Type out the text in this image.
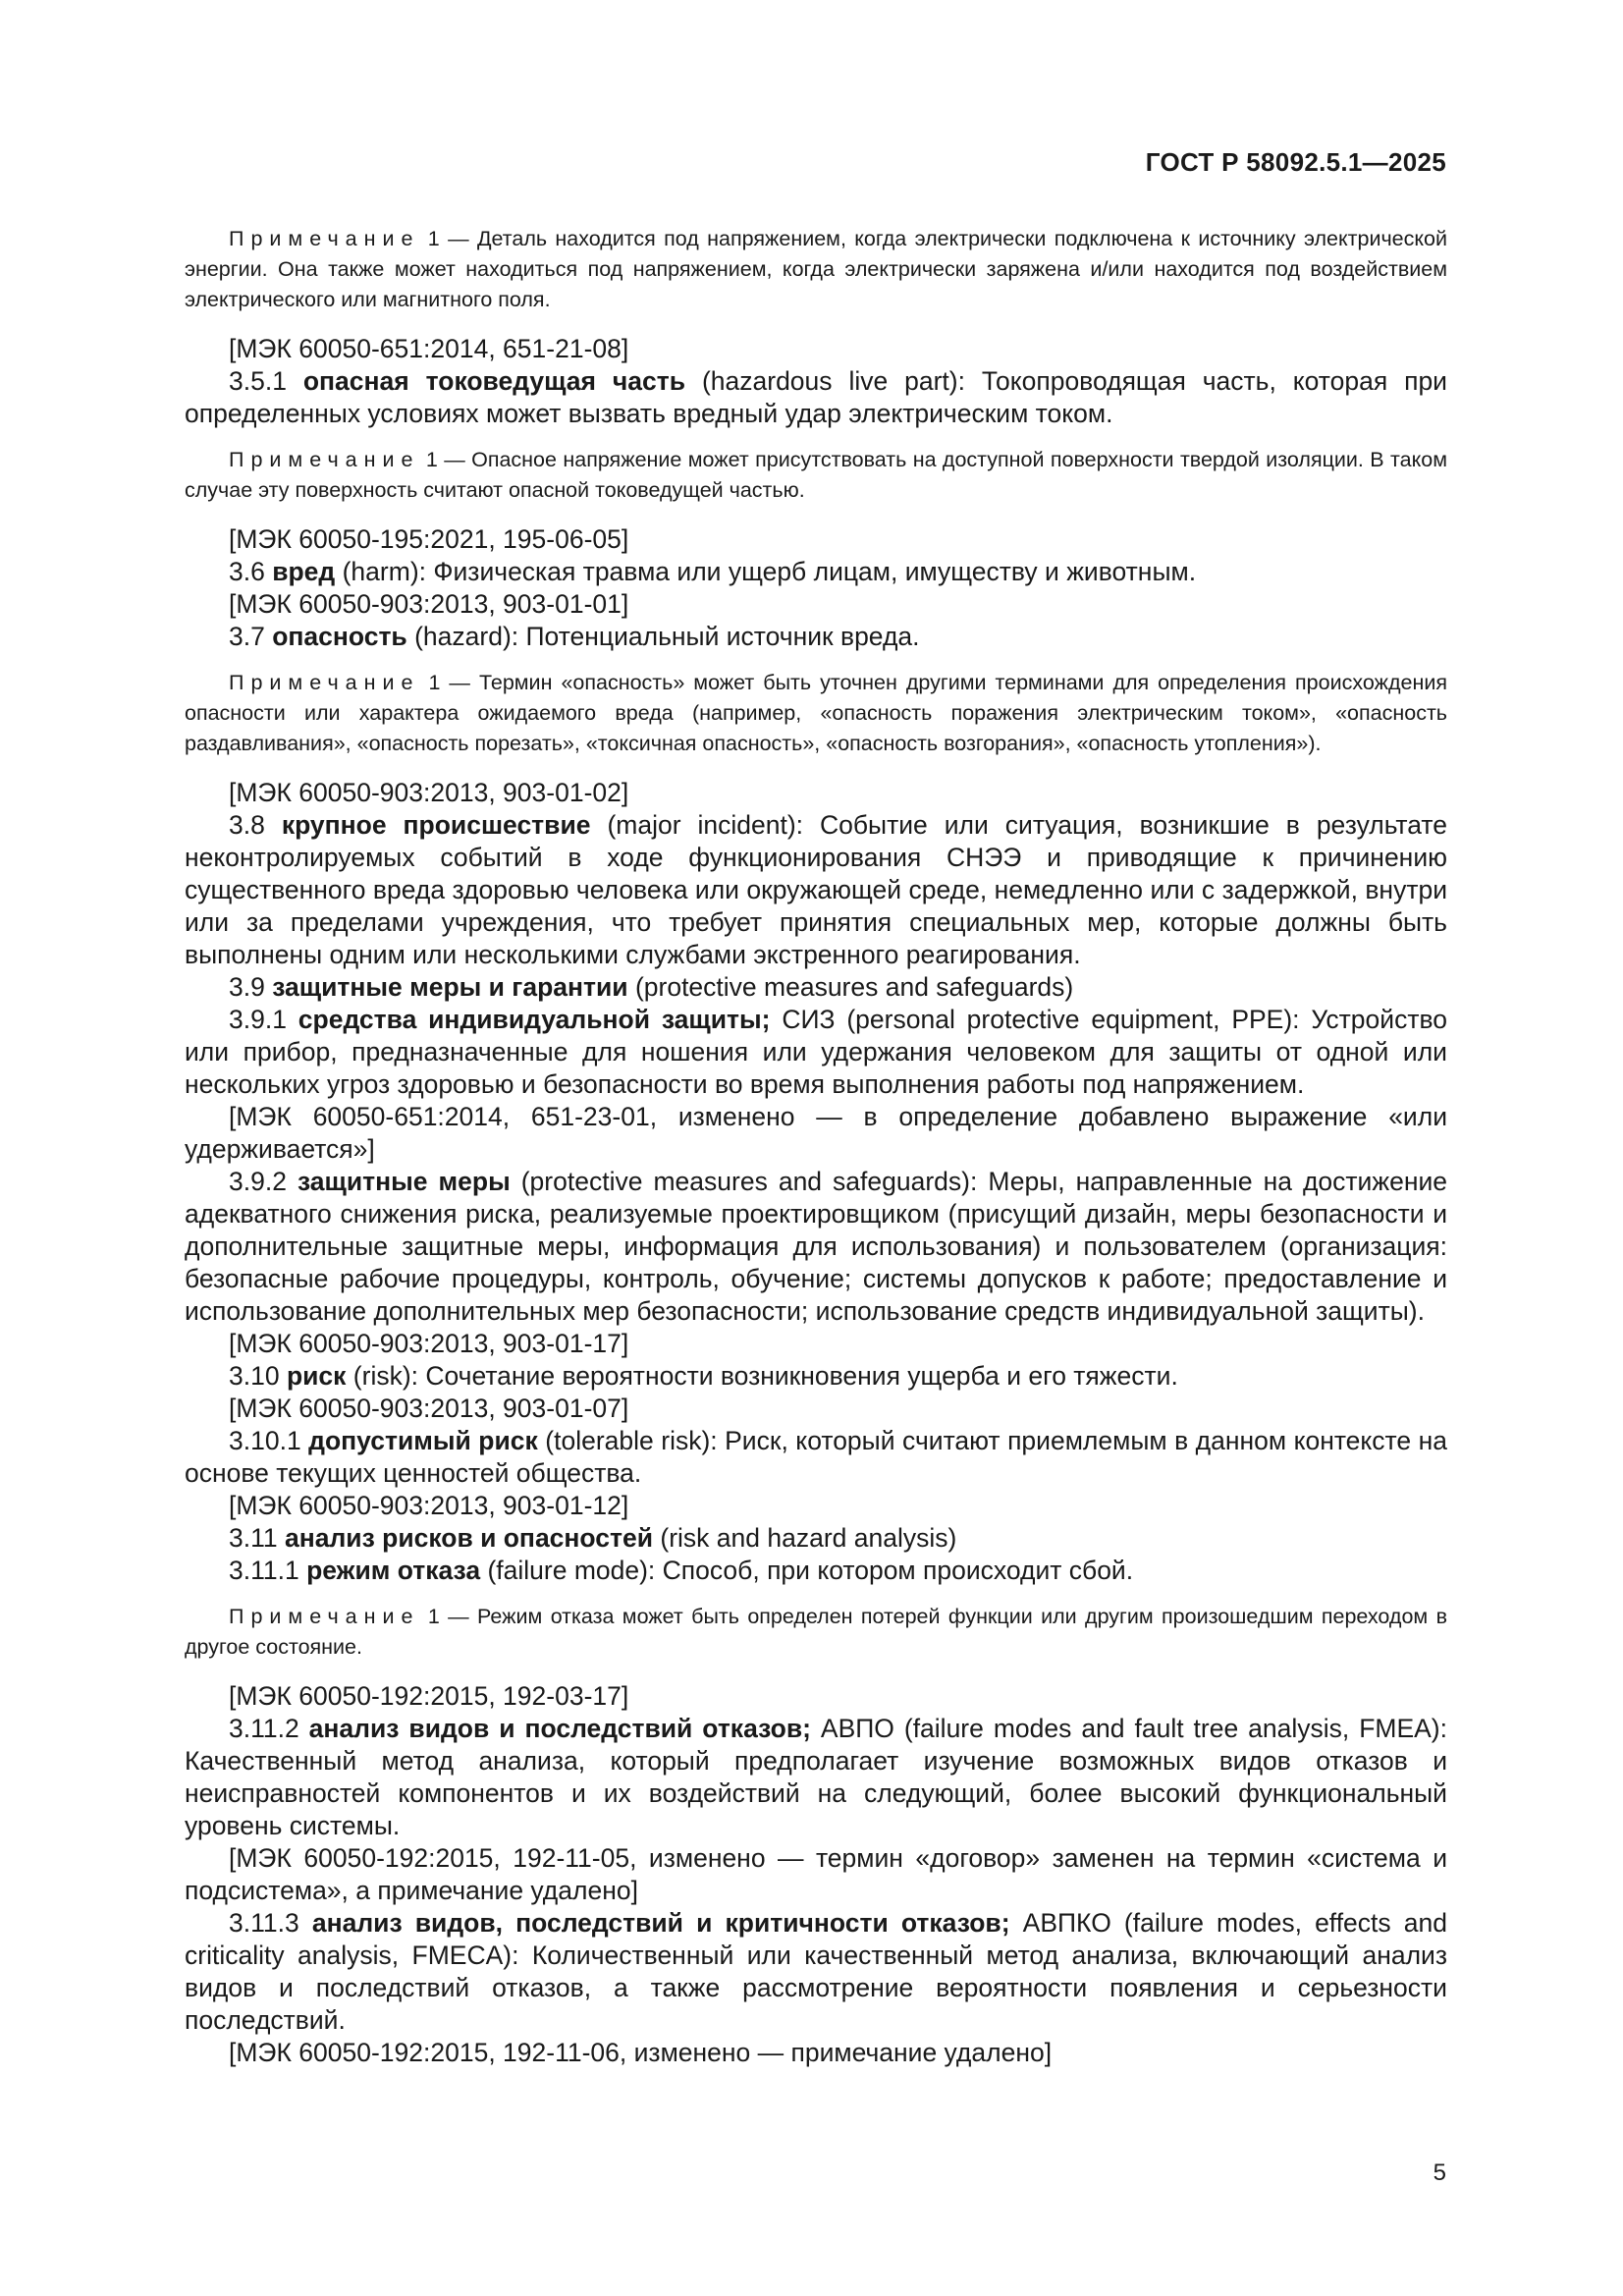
ГОСТ Р 58092.5.1—2025

Примечание 1 — Деталь находится под напряжением, когда электрически подключена к источнику электрической энергии. Она также может находиться под напряжением, когда электрически заряжена и/или находится под воздействием электрического или магнитного поля.

[МЭК 60050-651:2014, 651-21-08]

3.5.1 опасная токоведущая часть (hazardous live part): Токопроводящая часть, которая при определенных условиях может вызвать вредный удар электрическим током.

Примечание 1 — Опасное напряжение может присутствовать на доступной поверхности твердой изоляции. В таком случае эту поверхность считают опасной токоведущей частью.

[МЭК 60050-195:2021, 195-06-05]

3.6 вред (harm): Физическая травма или ущерб лицам, имуществу и животным.

[МЭК 60050-903:2013, 903-01-01]

3.7 опасность (hazard): Потенциальный источник вреда.

Примечание 1 — Термин «опасность» может быть уточнен другими терминами для определения происхождения опасности или характера ожидаемого вреда (например, «опасность поражения электрическим током», «опасность раздавливания», «опасность порезать», «токсичная опасность», «опасность возгорания», «опасность утопления»).

[МЭК 60050-903:2013, 903-01-02]

3.8 крупное происшествие (major incident): Событие или ситуация, возникшие в результате неконтролируемых событий в ходе функционирования СНЭЭ и приводящие к причинению существенного вреда здоровью человека или окружающей среде, немедленно или с задержкой, внутри или за пределами учреждения, что требует принятия специальных мер, которые должны быть выполнены одним или несколькими службами экстренного реагирования.

3.9 защитные меры и гарантии (protective measures and safeguards)

3.9.1 средства индивидуальной защиты; СИЗ (personal protective equipment, PPE): Устройство или прибор, предназначенные для ношения или удержания человеком для защиты от одной или нескольких угроз здоровью и безопасности во время выполнения работы под напряжением.

[МЭК 60050-651:2014, 651-23-01, изменено — в определение добавлено выражение «или удерживается»]

3.9.2 защитные меры (protective measures and safeguards): Меры, направленные на достижение адекватного снижения риска, реализуемые проектировщиком (присущий дизайн, меры безопасности и дополнительные защитные меры, информация для использования) и пользователем (организация: безопасные рабочие процедуры, контроль, обучение; системы допусков к работе; предоставление и использование дополнительных мер безопасности; использование средств индивидуальной защиты).

[МЭК 60050-903:2013, 903-01-17]

3.10 риск (risk): Сочетание вероятности возникновения ущерба и его тяжести.

[МЭК 60050-903:2013, 903-01-07]

3.10.1 допустимый риск (tolerable risk): Риск, который считают приемлемым в данном контексте на основе текущих ценностей общества.

[МЭК 60050-903:2013, 903-01-12]

3.11 анализ рисков и опасностей (risk and hazard analysis)

3.11.1 режим отказа (failure mode): Способ, при котором происходит сбой.

Примечание 1 — Режим отказа может быть определен потерей функции или другим произошедшим переходом в другое состояние.

[МЭК 60050-192:2015, 192-03-17]

3.11.2 анализ видов и последствий отказов; АВПО (failure modes and fault tree analysis, FMEA): Качественный метод анализа, который предполагает изучение возможных видов отказов и неисправностей компонентов и их воздействий на следующий, более высокий функциональный уровень системы.

[МЭК 60050-192:2015, 192-11-05, изменено — термин «договор» заменен на термин «система и подсистема», а примечание удалено]

3.11.3 анализ видов, последствий и критичности отказов; АВПКО (failure modes, effects and criticality analysis, FMECA): Количественный или качественный метод анализа, включающий анализ видов и последствий отказов, а также рассмотрение вероятности появления и серьезности последствий.

[МЭК 60050-192:2015, 192-11-06, изменено — примечание удалено]

5
